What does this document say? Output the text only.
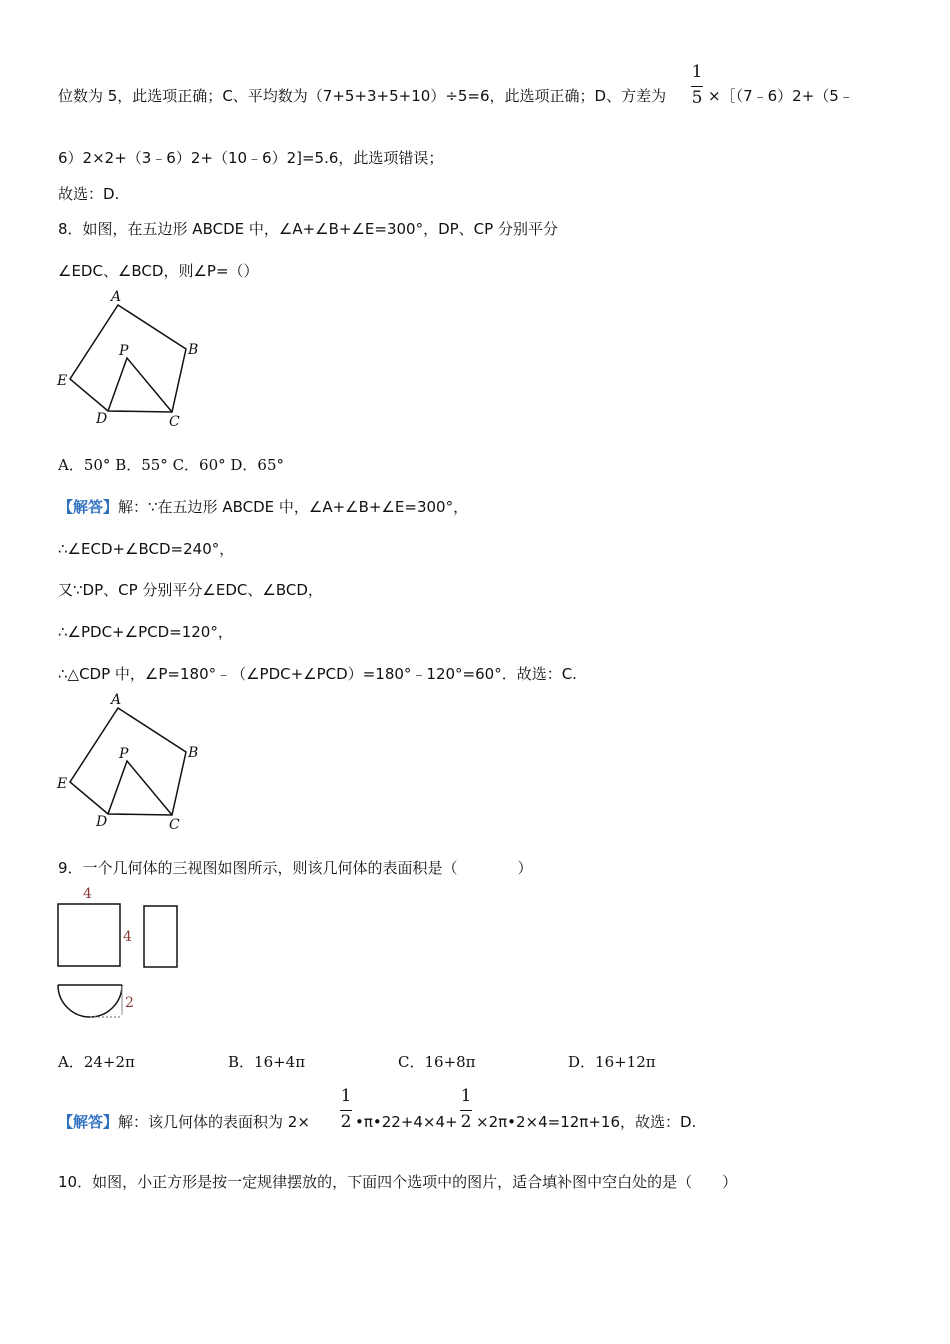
位数为 5，此选项正确；C、平均数为（7+5+3+5+10）÷5=6，此选项正确；D、方差为
1
5 ×［（7﹣6）2+（5﹣
6）2×2+（3﹣6）2+（10﹣6）2]=5.6，此选项错误；
故选：D.
8．如图，在五边形 ABCDE 中，∠A+∠B+∠E=300°，DP、CP 分别平分
∠EDC、∠BCD，则∠P=（）
A
B
C
D
E
P
A．50° B．55° C．60° D．65°
【解答】解：∵在五边形 ABCDE 中，∠A+∠B+∠E=300°，
∴∠ECD+∠BCD=240°，
又∵DP、CP 分别平分∠EDC、∠BCD，
∴∠PDC+∠PCD=120°，
∴△CDP 中，∠P=180°﹣（∠PDC+∠PCD）=180°﹣120°=60°．故选：C.
A
B
C
D
E
P
9．一个几何体的三视图如图所示，则该几何体的表面积是（　　　　）
4
4
2
A．24+2π	B．16+4π	C．16+8π	D．16+12π
【解答】解：该几何体的表面积为 2×
1
2 •π•22+4×4+
1
2 ×2π•2×4=12π+16，故选：D.
10．如图，小正方形是按一定规律摆放的，下面四个选项中的图片，适合填补图中空白处的是（　　）
